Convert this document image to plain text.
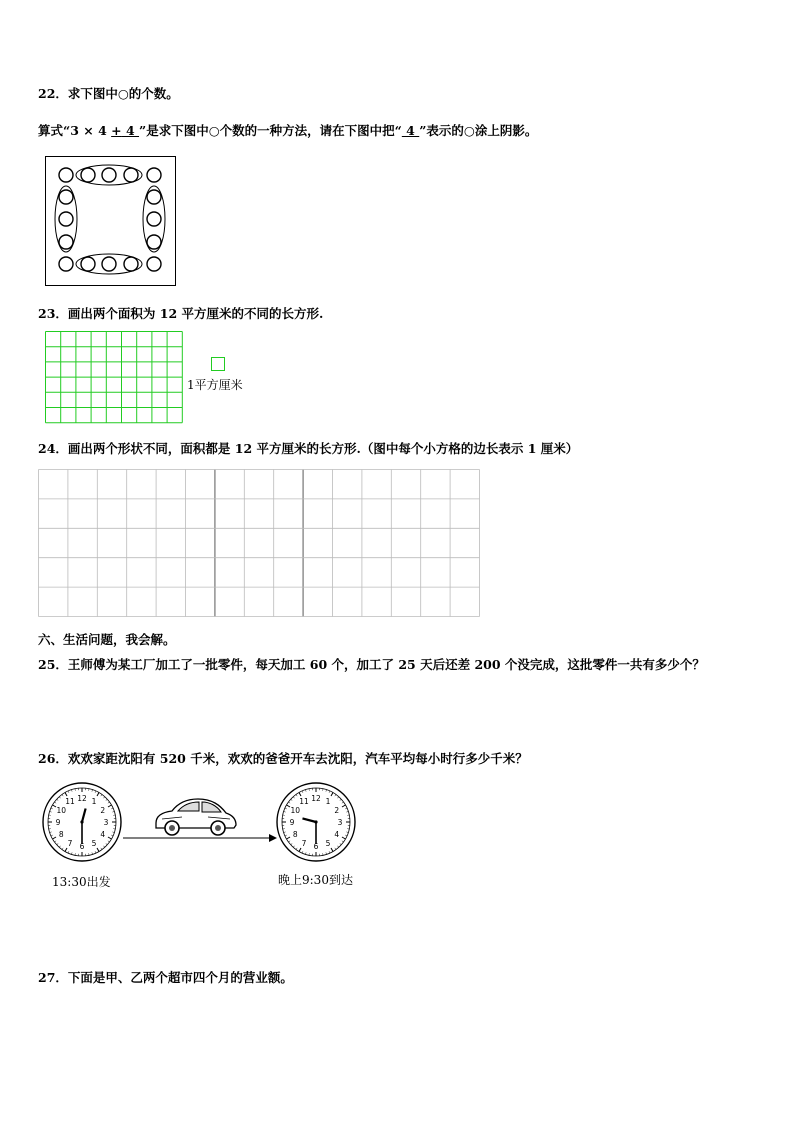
22．求下图中○的个数。
算式“3 × 4 + 4 ”是求下图中○个数的一种方法，请在下图中把“ 4 ”表示的○涂上阴影。
23．画出两个面积为 12 平方厘米的不同的长方形.
1平方厘米
24．画出两个形状不同，面积都是 12 平方厘米的长方形.（图中每个小方格的边长表示 1 厘米）
六、生活问题，我会解。
25．王师傅为某工厂加工了一批零件，每天加工 60 个，加工了 25 天后还差 200 个没完成，这批零件一共有多少个？
26．欢欢家距沈阳有 520 千米，欢欢的爸爸开车去沈阳，汽车平均每小时行多少千米？
12 1
2
3
4
5
6
7
8
9
10
11	12 1
2
3
4
5
6
7
8
9
10
11
13:30出发	晚上9:30到达
27．下面是甲、乙两个超市四个月的营业额。
